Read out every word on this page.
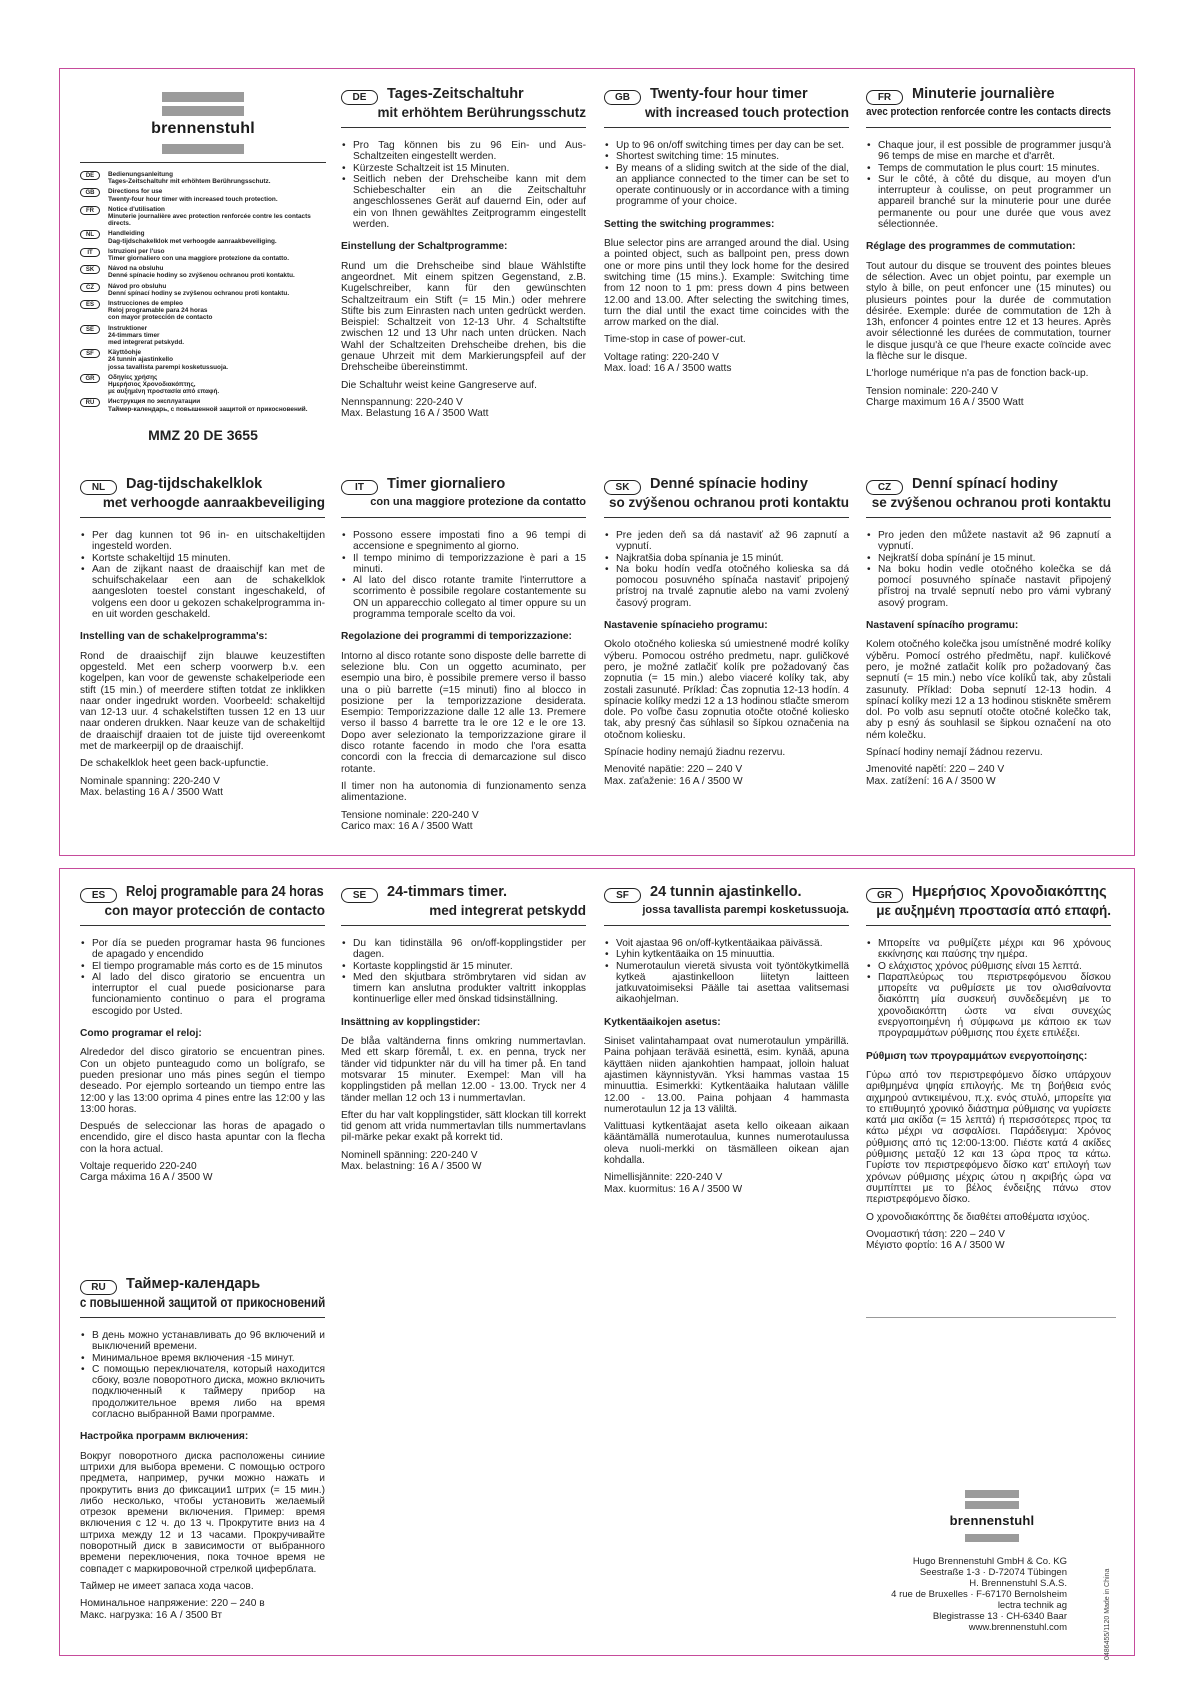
brennenstuhl
DE	Bedienungsanleitung
Tages-Zeitschaltuhr mit erhöhtem Berührungsschutz.
GB	Directions for use
Twenty-four hour timer with increased touch protection.
FR	Notice d'utilisation
Minuterie journalière avec protection renforcée contre les contacts directs.
NL	Handleiding
Dag-tijdschakelklok met verhoogde aanraakbeveiliging.
IT	Istruzioni per l'uso
Timer giornaliero con una maggiore protezione da contatto.
SK	Návod na obsluhu
Denné spínacie hodiny so zvýšenou ochranou proti kontaktu.
CZ	Návod pro obsluhu
Denní spínací hodiny se zvýšenou ochranou proti kontaktu.
ES	Instrucciones de empleo
Reloj programable para 24 horas
con mayor protección de contacto
SE	Instruktioner
24-timmars timer
med integrerat petskydd.
SF	Käyttöohje
24 tunnin ajastinkello
jossa tavallista parempi kosketussuoja.
GR	Οδηγίες χρήσης
Ημερήσιος Χρονοδιακόπτης,
με αυξημένη προστασία από επαφή.
RU	Инструкция по эксплуатации
Таймер-календарь, с повышенной защитой от прикосновений.
MMZ 20 DE 3655
DE	Tages-Zeitschaltuhr
mit erhöhtem Berührungsschutz
• Pro Tag können bis zu 96 Ein- und Aus-Schaltzeiten eingestellt werden.
• Kürzeste Schaltzeit ist 15 Minuten.
• Seitlich neben der Drehscheibe kann mit dem Schiebeschalter ein an die Zeitschaltuhr angeschlossenes Gerät auf dauernd Ein, oder auf ein von Ihnen gewähltes Zeitprogramm eingestellt werden.
Einstellung der Schaltprogramme:
Rund um die Drehscheibe sind blaue Wählstifte angeordnet. Mit einem spitzen Gegenstand, z.B. Kugelschreiber, kann für den gewünschten Schaltzeitraum ein Stift (= 15 Min.) oder mehrere Stifte bis zum Einrasten nach unten gedrückt werden. Beispiel: Schaltzeit von 12-13 Uhr. 4 Schaltstifte zwischen 12 und 13 Uhr nach unten drücken. Nach Wahl der Schaltzeiten Drehscheibe drehen, bis die genaue Uhrzeit mit dem Markierungspfeil auf der Drehscheibe übereinstimmt.
Die Schaltuhr weist keine Gangreserve auf.
Nennspannung: 220-240 V
Max. Belastung 16 A / 3500 Watt
GB	Twenty-four hour timer
with increased touch protection
• Up to 96 on/off switching times per day can be set.
• Shortest switching time: 15 minutes.
• By means of a sliding switch at the side of the dial, an appliance connected to the timer can be set to operate continuously or in accordance with a timing programme of your choice.
Setting the switching programmes:
Blue selector pins are arranged around the dial. Using a pointed object, such as ballpoint pen, press down one or more pins until they lock home for the desired switching time (15 mins.). Example: Switching time from 12 noon to 1 pm: press down 4 pins between 12.00 and 13.00. After selecting the switching times, turn the dial until the exact time coincides with the arrow marked on the dial.
Time-stop in case of power-cut.
Voltage rating: 220-240 V
Max. load: 16 A / 3500 watts
FR	Minuterie journalière
avec protection renforcée contre les contacts directs
• Chaque jour, il est possible de programmer jusqu'à 96 temps de mise en marche et d'arrêt.
• Temps de commutation le plus court: 15 minutes.
• Sur le côté, à côté du disque, au moyen d'un interrupteur à coulisse, on peut programmer un appareil branché sur la minuterie pour une durée permanente ou pour une durée que vous avez sélectionnée.
Réglage des programmes de commutation:
Tout autour du disque se trouvent des pointes bleues de sélection. Avec un objet pointu, par exemple un stylo à bille, on peut enfoncer une (15 minutes) ou plusieurs pointes pour la durée de commutation désirée. Exemple: durée de commutation de 12h à 13h, enfoncer 4 pointes entre 12 et 13 heures. Après avoir sélectionné les durées de commutation, tourner le disque jusqu'à ce que l'heure exacte coïncide avec la flèche sur le disque.
L'horloge numérique n'a pas de fonction back-up.
Tension nominale: 220-240 V
Charge maximum 16 A / 3500 Watt
NL	Dag-tijdschakelklok
met verhoogde aanraakbeveiliging
• Per dag kunnen tot 96 in- en uitschakeltijden ingesteld worden.
• Kortste schakeltijd 15 minuten.
• Aan de zijkant naast de draaischijf kan met de schuifschakelaar een aan de schakelklok aangesloten toestel constant ingeschakeld, of volgens een door u gekozen schakelprogramma in- en uit worden geschakeld.
Instelling van de schakelprogramma's:
Rond de draaischijf zijn blauwe keuzestiften opgesteld. Met een scherp voorwerp b.v. een kogelpen, kan voor de gewenste schakelperiode een stift (15 min.) of meerdere stiften totdat ze inklikken naar onder ingedrukt worden. Voorbeeld: schakeltijd van 12-13 uur. 4 schakelstiften tussen 12 en 13 uur naar onderen drukken. Naar keuze van de schakeltijd de draaischijf draaien tot de juiste tijd overeenkomt met de markeerpijl op de draaischijf.
De schakelklok heet geen back-upfunctie.
Nominale spanning: 220-240 V
Max. belasting 16 A / 3500 Watt
IT	Timer giornaliero
con una maggiore protezione da contatto
• Possono essere impostati fino a 96 tempi di accensione e spegnimento al giorno.
• Il tempo minimo di temporizzazione è pari a 15 minuti.
• Al lato del disco rotante tramite l'interruttore a scorrimento è possibile regolare costantemente su ON un apparecchio collegato al timer oppure su un programma temporale scelto da voi.
Regolazione dei programmi di temporizzazione:
Intorno al disco rotante sono disposte delle barrette di selezione blu. Con un oggetto acuminato, per esempio una biro, è possibile premere verso il basso una o più barrette (=15 minuti) fino al blocco in posizione per la temporizzazione desiderata. Esempio: Temporizzazione dalle 12 alle 13. Premere verso il basso 4 barrette tra le ore 12 e le ore 13. Dopo aver selezionato la temporizzazione girare il disco rotante facendo in modo che l'ora esatta concordi con la freccia di demarcazione sul disco rotante.
Il timer non ha autonomia di funzionamento senza alimentazione.
Tensione nominale: 220-240 V
Carico max: 16 A / 3500 Watt
SK	Denné spínacie hodiny
so zvýšenou ochranou proti kontaktu
• Pre jeden deň sa dá nastaviť až 96 zapnutí a vypnutí.
• Najkratšia doba spínania je 15 minút.
• Na boku hodín vedľa otočného kolieska sa dá pomocou posuvného spínača nastaviť pripojený prístroj na trvalé zapnutie alebo na vami zvolený časový program.
Nastavenie spínacieho programu:
Okolo otočného kolieska sú umiestnené modré kolíky výberu. Pomocou ostrého predmetu, napr. guličkové pero, je možné zatlačiť kolík pre požadovaný čas zopnutia (= 15 min.) alebo viaceré kolíky tak, aby zostali zasunuté. Príklad: Čas zopnutia 12-13 hodín. 4 spínacie kolíky medzi 12 a 13 hodinou stlačte smerom dole. Po voľbe času zopnutia otočte otočné koliesko tak, aby presný čas súhlasil so šípkou označenia na otočnom koliesku.
Spínacie hodiny nemajú žiadnu rezervu.
Menovité napätie: 220 – 240 V
Max. zaťaženie: 16 A / 3500 W
CZ	Denní spínací hodiny
se zvýšenou ochranou proti kontaktu
• Pro jeden den můžete nastavit až 96 zapnutí a vypnutí.
• Nejkratší doba spínání je 15 minut.
• Na boku hodin vedle otočného kolečka se dá pomocí posuvného spínače nastavit připojený přístroj na trvalé sepnutí nebo pro vámi vybraný asový program.
Nastavení spínacího programu:
Kolem otočného kolečka jsou umístněné modré kolíky výběru. Pomocí ostrého předmětu, např. kuličkové pero, je možné zatlačit kolík pro požadovaný čas sepnutí (= 15 min.) nebo více kolíků tak, aby zůstali zasunuty. Příklad: Doba sepnutí 12-13 hodin. 4 spínací kolíky mezi 12 a 13 hodinou stiskněte směrem dol. Po volb asu sepnutí otočte otočné kolečko tak, aby p esný ás souhlasil se šipkou označení na oto ném kolečku.
Spínací hodiny nemají žádnou rezervu.
Jmenovité napětí: 220 – 240 V
Max. zatížení: 16 A / 3500 W
ES	Reloj programable para 24 horas
con mayor protección de contacto
• Por día se pueden programar hasta 96 funciones de apagado y encendido
• El tiempo programable más corto es de 15 minutos
• Al lado del disco giratorio se encuentra un interruptor el cual puede posicionarse para funcionamiento continuo o para el programa escogido por Usted.
Como programar el reloj:
Alrededor del disco giratorio se encuentran pines. Con un objeto punteagudo como un bolígrafo, se pueden presionar uno más pines según el tiempo deseado. Por ejemplo sorteando un tiempo entre las 12:00 y las 13:00 oprima 4 pines entre las 12:00 y las 13:00 horas.
Después de seleccionar las horas de apagado o encendido, gire el disco hasta apuntar con la flecha con la hora actual.
Voltaje requerido 220-240
Carga máxima 16 A / 3500 W
SE	24-timmars timer.
med integrerat petskydd
• Du kan tidinställa 96 on/off-kopplingstider per dagen.
• Kortaste kopplingstid är 15 minuter.
• Med den skjutbara strömbrytaren vid sidan av timern kan anslutna produkter valtritt inkopplas kontinuerlige eller med önskad tidsinställning.
Insättning av kopplingstider:
De blåa valtänderna finns omkring nummertavlan. Med ett skarp föremål, t. ex. en penna, tryck ner tänder vid tidpunkter när du vill ha timer på. En tand motsvarar 15 minuter. Exempel: Man vill ha kopplingstiden på mellan 12.00 - 13.00. Tryck ner 4 tänder mellan 12 och 13 i nummertavlan.
Efter du har valt kopplingstider, sätt klockan till korrekt tid genom att vrida nummertavlan tills nummertavlans pil-märke pekar exakt på korrekt tid.
Nominell spänning: 220-240 V
Max. belastning: 16 A / 3500 W
SF	24 tunnin ajastinkello.
jossa tavallista parempi kosketussuoja.
• Voit ajastaa 96 on/off-kytkentäaikaa päivässä.
• Lyhin kytkentäaika on 15 minuuttia.
• Numerotaulun vieretä sivusta voit työntökytkimellä kytkeä ajastinkelloon liitetyn laitteen jatkuvatoimiseksi Päälle tai asettaa valitsemasi aikaohjelman.
Kytkentäaikojen asetus:
Siniset valintahampaat ovat numerotaulun ympärillä. Paina pohjaan terävää esinettä, esim. kynää, apuna käyttäen niiden ajankohtien hampaat, jolloin haluat ajastimen käynnistyvän. Yksi hammas vastaa 15 minuuttia. Esimerkki: Kytkentäaika halutaan välille 12.00 - 13.00. Paina pohjaan 4 hammasta numerotaulun 12 ja 13 väliltä.
Valittuasi kytkentäajat aseta kello oikeaan aikaan kääntämällä numerotaulua, kunnes numerotaulussa oleva nuoli-merkki on täsmälleen oikean ajan kohdalla.
Nimellisjännite: 220-240 V
Max. kuormitus: 16 A / 3500 W
GR	Ημερήσιος Χρονοδιακόπτης
με αυξημένη προστασία από επαφή.
• Μπορείτε να ρυθμίζετε μέχρι και 96 χρόνους εκκίνησης και παύσης την ημέρα.
• Ο ελάχιστος χρόνος ρύθμισης είναι 15 λεπτά.
• Παραπλεύρως του περιστρεφόμενου δίσκου μπορείτε να ρυθμίσετε με τον ολισθαίνοντα διακόπτη μία συσκευή συνδεδεμένη με το χρονοδιακόπτη ώστε να είναι συνεχώς ενεργοποιημένη ή σύμφωνα με κάποιο εκ των προγραμμάτων ρύθμισης που έχετε επιλέξει.
Ρύθμιση των προγραμμάτων ενεργοποίησης:
Γύρω από τον περιστρεφόμενο δίσκο υπάρχουν αριθμημένα ψηφία επιλογής. Με τη βοήθεια ενός αιχμηρού αντικειμένου, π.χ. ενός στυλό, μπορείτε για το επιθυμητό χρονικό διάστημα ρύθμισης να γυρίσετε κατά μια ακίδα (= 15 λεπτά) ή περισσότερες προς τα κάτω μέχρι να ασφαλίσει. Παράδειγμα: Χρόνος ρύθμισης από τις 12:00-13:00. Πιέστε κατά 4 ακίδες ρύθμισης μεταξύ 12 και 13 ώρα προς τα κάτω. Γυρίστε τον περιστρεφόμενο δίσκο κατ' επιλογή των χρόνων ρύθμισης μέχρις ώτου η ακριβής ώρα να συμπίπτει με το βέλος ένδειξης πάνω στον περιστρεφόμενο δίσκο.
Ο χρονοδιακόπτης δε διαθέτει αποθέματα ισχύος.
Ονομαστική τάση: 220 – 240 V
Μέγιστο φορτίο: 16 A / 3500 W
RU	Таймер-календарь
с повышенной защитой от прикосновений
• В день можно устанавливать до 96 включений и выключений времени.
• Минимальное время включения -15 минут.
• С помощью переключателя, который находится сбоку, возле поворотного диска, можно включить подключенный к таймеру прибор на продолжительное время либо на время согласно выбранной Вами программе.
Настройка программ включения:
Вокруг поворотного диска расположены синиие штрихи для выбора времени. С помощью острого предмета, например, ручки можно нажать и прокрутить вниз до фиксации1 штрих (= 15 мин.) либо несколько, чтобы установить желаемый отрезок времени включения. Пример: время включения с 12 ч. до 13 ч. Прокрутите вниз на 4 штриха между 12 и 13 часами. Прокручивайте поворотный диск в зависимости от выбранного времени переключения, пока точное время не совпадет с маркировочной стрелкой циферблата.
Таймер не имеет запаса хода часов.
Номинальное напряжение: 220 – 240 в
Макс. нагрузка: 16 А / 3500 Вт
brennenstuhl
Hugo Brennenstuhl GmbH & Co. KG
Seestraße 1-3 · D-72074 Tübingen
H. Brennenstuhl S.A.S.
4 rue de Bruxelles · F-67170 Bernolsheim
lectra technik ag
Blegistrasse 13 · CH-6340 Baar
www.brennenstuhl.com	0486455/1120 Made in China
